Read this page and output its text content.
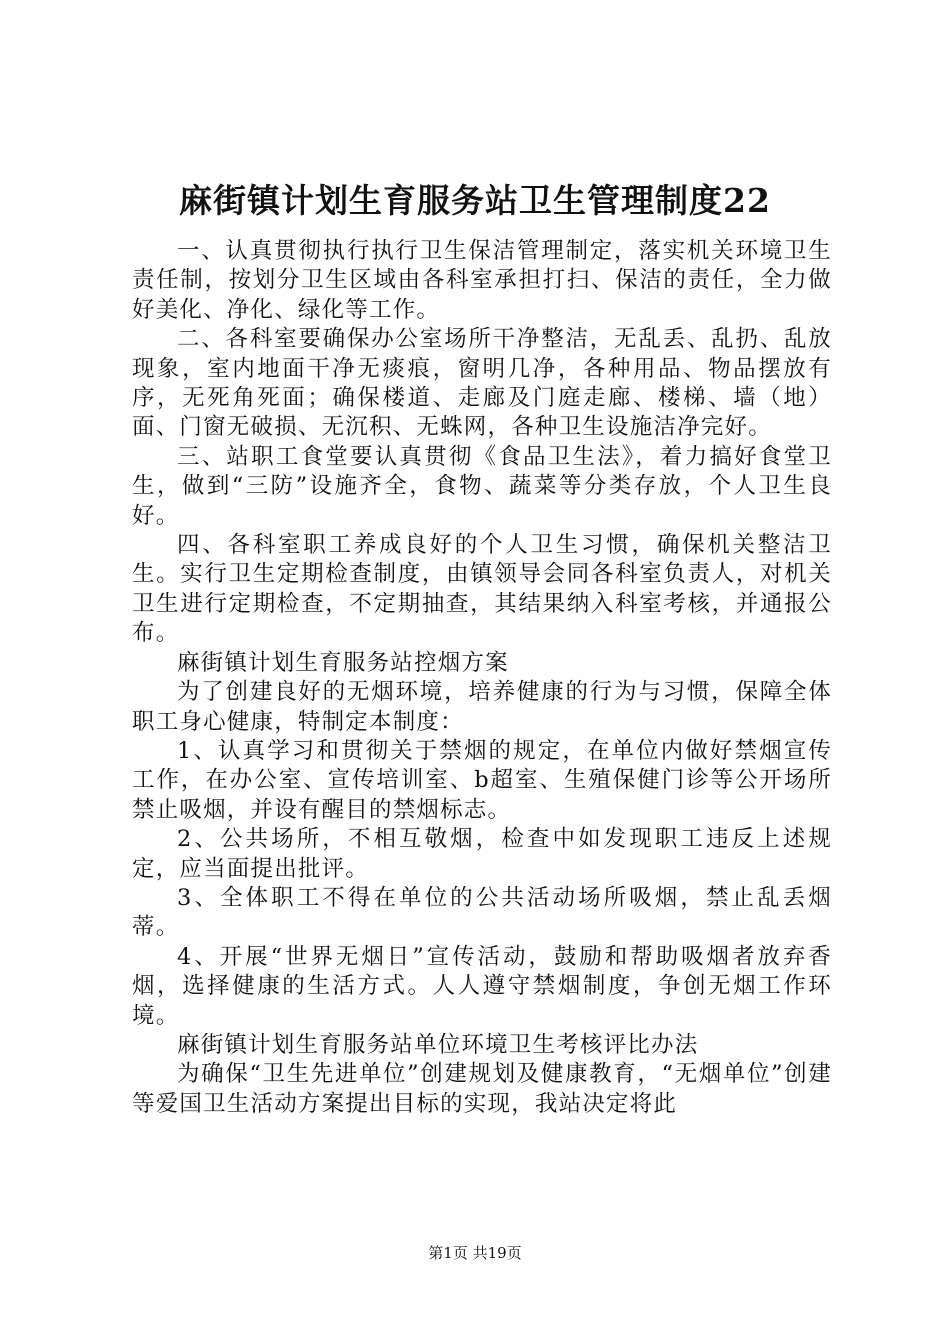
麻街镇计划生育服务站卫生管理制度22

一、认真贯彻执行执行卫生保洁管理制定，落实机关环境卫生责任制，按划分卫生区域由各科室承担打扫、保洁的责任，全力做好美化、净化、绿化等工作。

二、各科室要确保办公室场所干净整洁，无乱丢、乱扔、乱放现象，室内地面干净无痰痕，窗明几净，各种用品、物品摆放有序，无死角死面；确保楼道、走廊及门庭走廊、楼梯、墙（地）面、门窗无破损、无沉积、无蛛网，各种卫生设施洁净完好。

三、站职工食堂要认真贯彻《食品卫生法》，着力搞好食堂卫生，做到“三防”设施齐全，食物、蔬菜等分类存放，个人卫生良好。

四、各科室职工养成良好的个人卫生习惯，确保机关整洁卫生。实行卫生定期检查制度，由镇领导会同各科室负责人，对机关卫生进行定期检查，不定期抽查，其结果纳入科室考核，并通报公布。

麻街镇计划生育服务站控烟方案

为了创建良好的无烟环境，培养健康的行为与习惯，保障全体职工身心健康，特制定本制度：

1、认真学习和贯彻关于禁烟的规定，在单位内做好禁烟宣传工作，在办公室、宣传培训室、b超室、生殖保健门诊等公开场所禁止吸烟，并设有醒目的禁烟标志。

2、公共场所，不相互敬烟，检查中如发现职工违反上述规定，应当面提出批评。

3、全体职工不得在单位的公共活动场所吸烟，禁止乱丢烟蒂。

4、开展“世界无烟日”宣传活动，鼓励和帮助吸烟者放弃香烟，选择健康的生活方式。人人遵守禁烟制度，争创无烟工作环境。

麻街镇计划生育服务站单位环境卫生考核评比办法

为确保“卫生先进单位”创建规划及健康教育，“无烟单位”创建等爱国卫生活动方案提出目标的实现，我站决定将此

第1页 共19页
